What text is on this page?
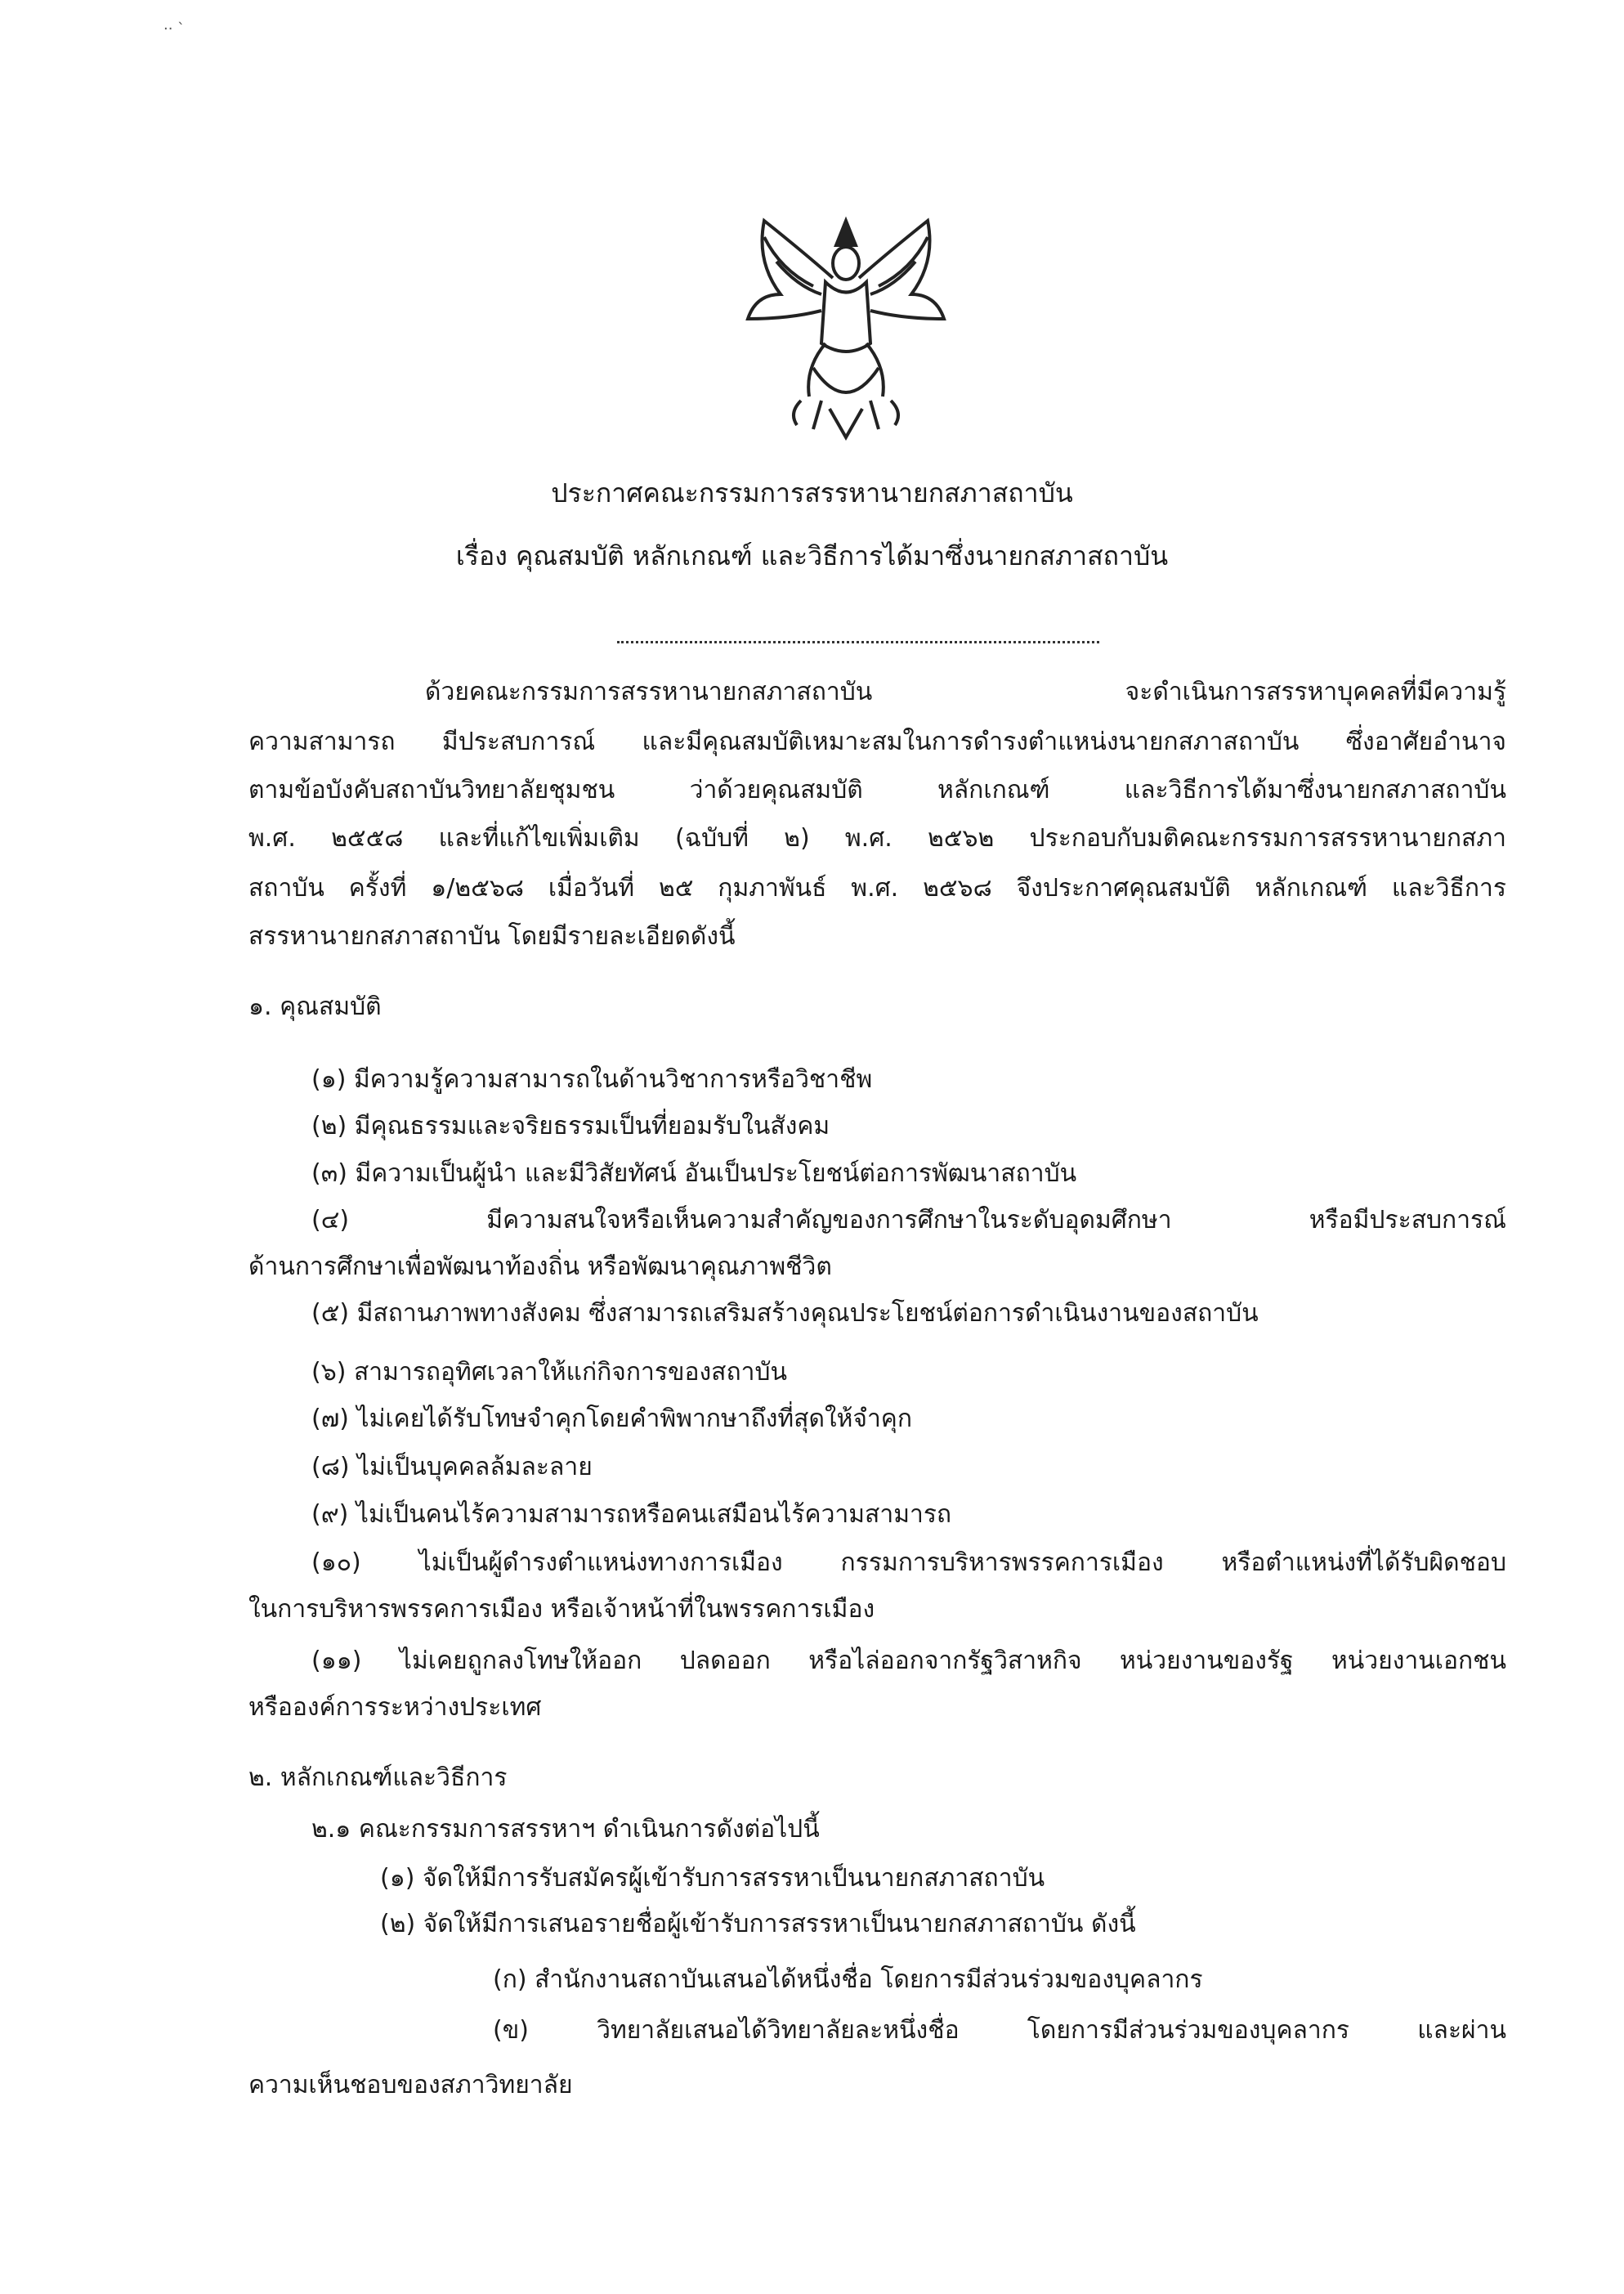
·· ˋ
ประกาศคณะกรรมการสรรหานายกสภาสถาบัน
เรื่อง คุณสมบัติ หลักเกณฑ์ และวิธีการได้มาซึ่งนายกสภาสถาบัน
ด้วยคณะกรรมการสรรหานายกสภาสถาบัน จะดำเนินการสรรหาบุคคลที่มีความรู้
ความสามารถ มีประสบการณ์ และมีคุณสมบัติเหมาะสมในการดำรงตำแหน่งนายกสภาสถาบัน ซึ่งอาศัยอำนาจ
ตามข้อบังคับสถาบันวิทยาลัยชุมชน ว่าด้วยคุณสมบัติ หลักเกณฑ์ และวิธีการได้มาซึ่งนายกสภาสถาบัน
พ.ศ. ๒๕๕๘ และที่แก้ไขเพิ่มเติม (ฉบับที่ ๒) พ.ศ. ๒๕๖๒ ประกอบกับมติคณะกรรมการสรรหานายกสภา
สถาบัน ครั้งที่ ๑/๒๕๖๘ เมื่อวันที่ ๒๕ กุมภาพันธ์ พ.ศ. ๒๕๖๘ จึงประกาศคุณสมบัติ หลักเกณฑ์ และวิธีการ
สรรหานายกสภาสถาบัน โดยมีรายละเอียดดังนี้
๑. คุณสมบัติ
(๑) มีความรู้ความสามารถในด้านวิชาการหรือวิชาชีพ
(๒) มีคุณธรรมและจริยธรรมเป็นที่ยอมรับในสังคม
(๓) มีความเป็นผู้นำ และมีวิสัยทัศน์ อันเป็นประโยชน์ต่อการพัฒนาสถาบัน
(๔) มีความสนใจหรือเห็นความสำคัญของการศึกษาในระดับอุดมศึกษา หรือมีประสบการณ์
ด้านการศึกษาเพื่อพัฒนาท้องถิ่น หรือพัฒนาคุณภาพชีวิต
(๕) มีสถานภาพทางสังคม ซึ่งสามารถเสริมสร้างคุณประโยชน์ต่อการดำเนินงานของสถาบัน
(๖) สามารถอุทิศเวลาให้แก่กิจการของสถาบัน
(๗) ไม่เคยได้รับโทษจำคุกโดยคำพิพากษาถึงที่สุดให้จำคุก
(๘) ไม่เป็นบุคคลล้มละลาย
(๙) ไม่เป็นคนไร้ความสามารถหรือคนเสมือนไร้ความสามารถ
(๑๐) ไม่เป็นผู้ดำรงตำแหน่งทางการเมือง กรรมการบริหารพรรคการเมือง หรือตำแหน่งที่ได้รับผิดชอบ
ในการบริหารพรรคการเมือง หรือเจ้าหน้าที่ในพรรคการเมือง
(๑๑) ไม่เคยถูกลงโทษให้ออก ปลดออก หรือไล่ออกจากรัฐวิสาหกิจ หน่วยงานของรัฐ หน่วยงานเอกชน
หรือองค์การระหว่างประเทศ
๒. หลักเกณฑ์และวิธีการ
๒.๑ คณะกรรมการสรรหาฯ ดำเนินการดังต่อไปนี้
(๑) จัดให้มีการรับสมัครผู้เข้ารับการสรรหาเป็นนายกสภาสถาบัน
(๒) จัดให้มีการเสนอรายชื่อผู้เข้ารับการสรรหาเป็นนายกสภาสถาบัน ดังนี้
(ก) สำนักงานสถาบันเสนอได้หนึ่งชื่อ โดยการมีส่วนร่วมของบุคลากร
(ข) วิทยาลัยเสนอได้วิทยาลัยละหนึ่งชื่อ โดยการมีส่วนร่วมของบุคลากร และผ่าน
ความเห็นชอบของสภาวิทยาลัย
